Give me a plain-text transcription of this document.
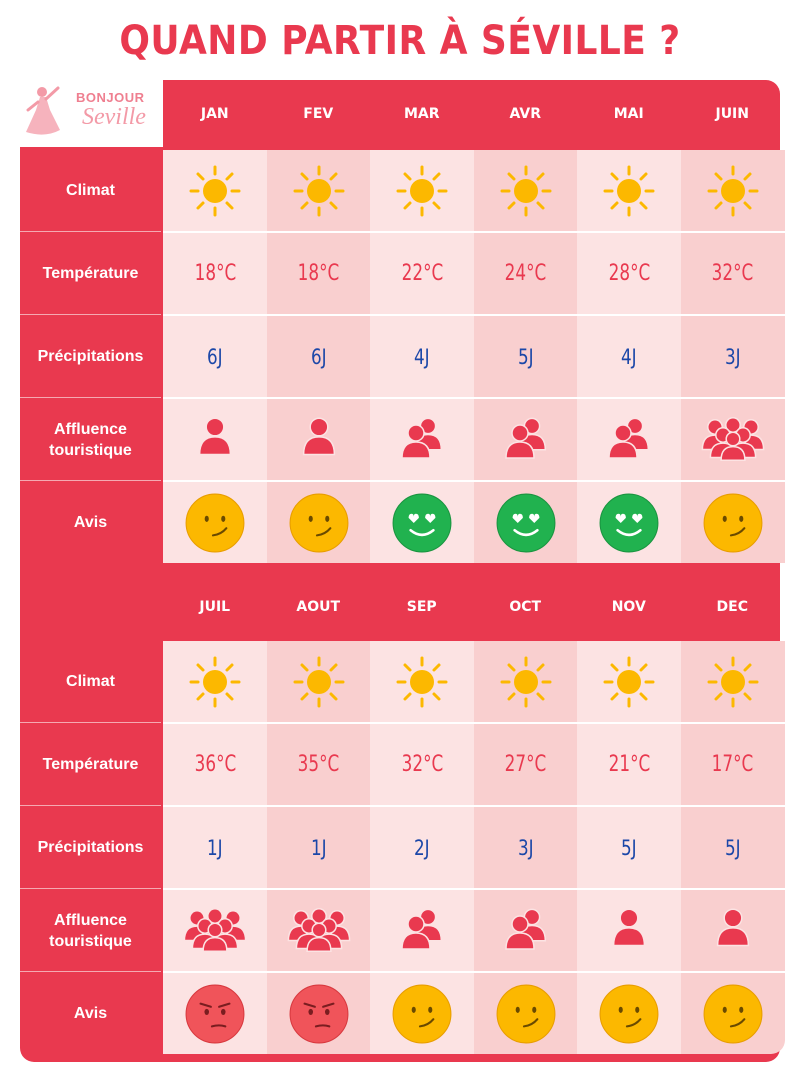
QUAND PARTIR À SÉVILLE ?
BONJOUR
Seville	JAN	FEV	MAR	AVR	MAI	JUIN
Climat
Température	18°C	18°C	22°C	24°C	28°C	32°C
Précipitations	6J	6J	4J	5J	4J	3J
Affluence touristique
Avis
JUIL	AOUT	SEP	OCT	NOV	DEC
Climat
Température	36°C	35°C	32°C	27°C	21°C	17°C
Précipitations	1J	1J	2J	3J	5J	5J
Affluence touristique
Avis
